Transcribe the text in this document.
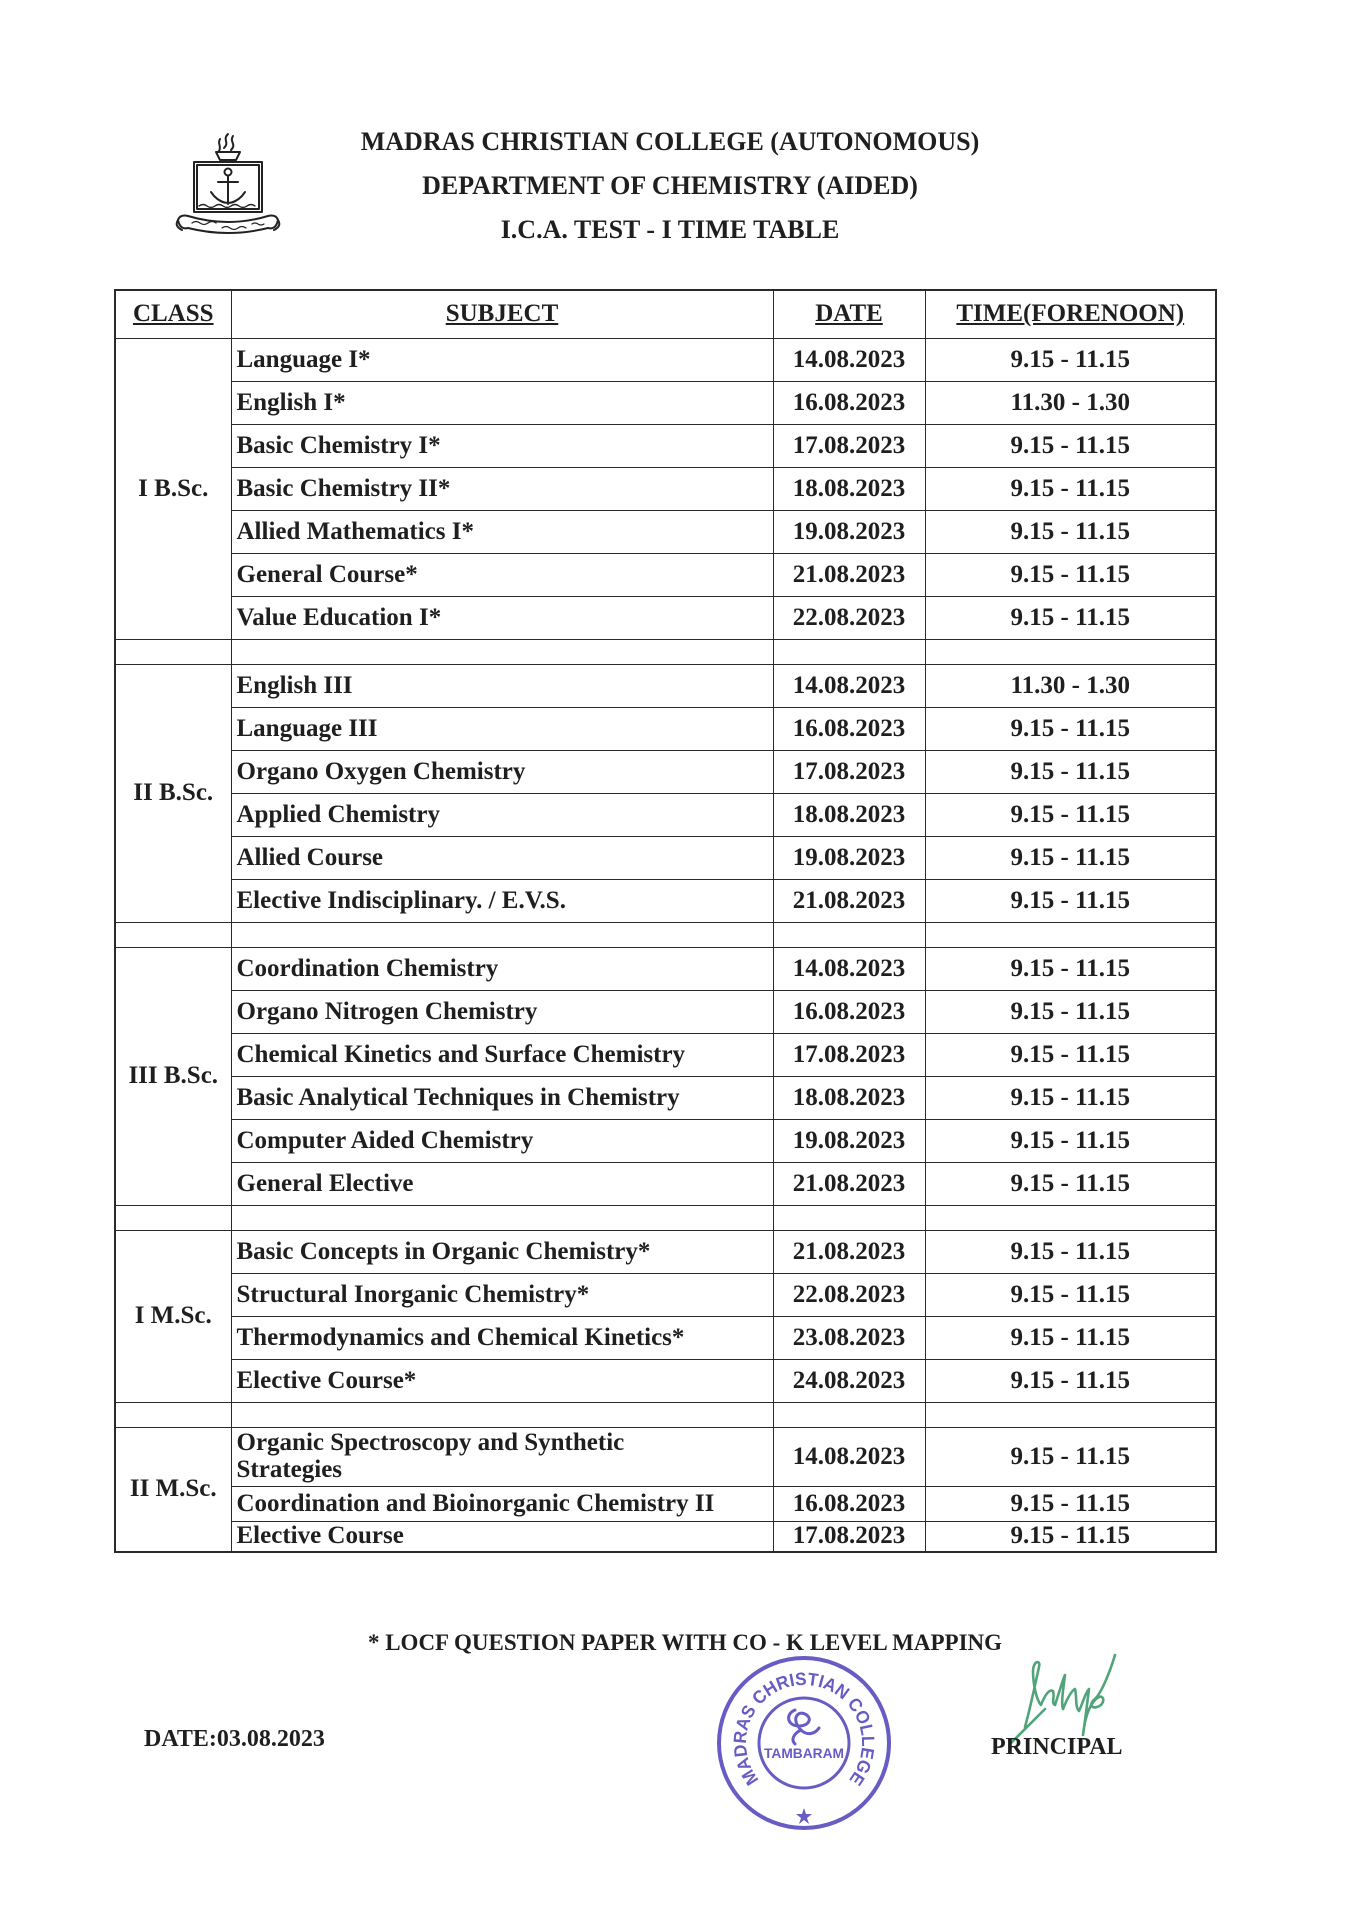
MADRAS CHRISTIAN COLLEGE (AUTONOMOUS)
DEPARTMENT OF CHEMISTRY (AIDED)
I.C.A. TEST - I TIME TABLE
CLASS	SUBJECT	DATE	TIME(FORENOON)
I B.Sc.	Language I*	14.08.2023	9.15 - 11.15
	English I*	16.08.2023	11.30 - 1.30
	Basic Chemistry I*	17.08.2023	9.15 - 11.15
	Basic Chemistry II*	18.08.2023	9.15 - 11.15
	Allied Mathematics I*	19.08.2023	9.15 - 11.15
	General Course*	21.08.2023	9.15 - 11.15
	Value Education I*	22.08.2023	9.15 - 11.15

II B.Sc.	English III	14.08.2023	11.30 - 1.30
	Language III	16.08.2023	9.15 - 11.15
	Organo Oxygen Chemistry	17.08.2023	9.15 - 11.15
	Applied Chemistry	18.08.2023	9.15 - 11.15
	Allied Course	19.08.2023	9.15 - 11.15
	Elective Indisciplinary. / E.V.S.	21.08.2023	9.15 - 11.15

III B.Sc.	Coordination Chemistry	14.08.2023	9.15 - 11.15
	Organo Nitrogen Chemistry	16.08.2023	9.15 - 11.15
	Chemical Kinetics and Surface Chemistry	17.08.2023	9.15 - 11.15
	Basic Analytical Techniques in Chemistry	18.08.2023	9.15 - 11.15
	Computer Aided Chemistry	19.08.2023	9.15 - 11.15
	General Elective	21.08.2023	9.15 - 11.15

I M.Sc.	Basic Concepts in Organic Chemistry*	21.08.2023	9.15 - 11.15
	Structural Inorganic Chemistry*	22.08.2023	9.15 - 11.15
	Thermodynamics and Chemical Kinetics*	23.08.2023	9.15 - 11.15
	Elective Course*	24.08.2023	9.15 - 11.15

II M.Sc.	Organic Spectroscopy and Synthetic Strategies	14.08.2023	9.15 - 11.15
	Coordination and Bioinorganic Chemistry II	16.08.2023	9.15 - 11.15
	Elective Course	17.08.2023	9.15 - 11.15
* LOCF QUESTION PAPER WITH CO - K LEVEL MAPPING
DATE:03.08.2023
MADRAS CHRISTIAN COLLEGE
TAMBARAM	PRINCIPAL
